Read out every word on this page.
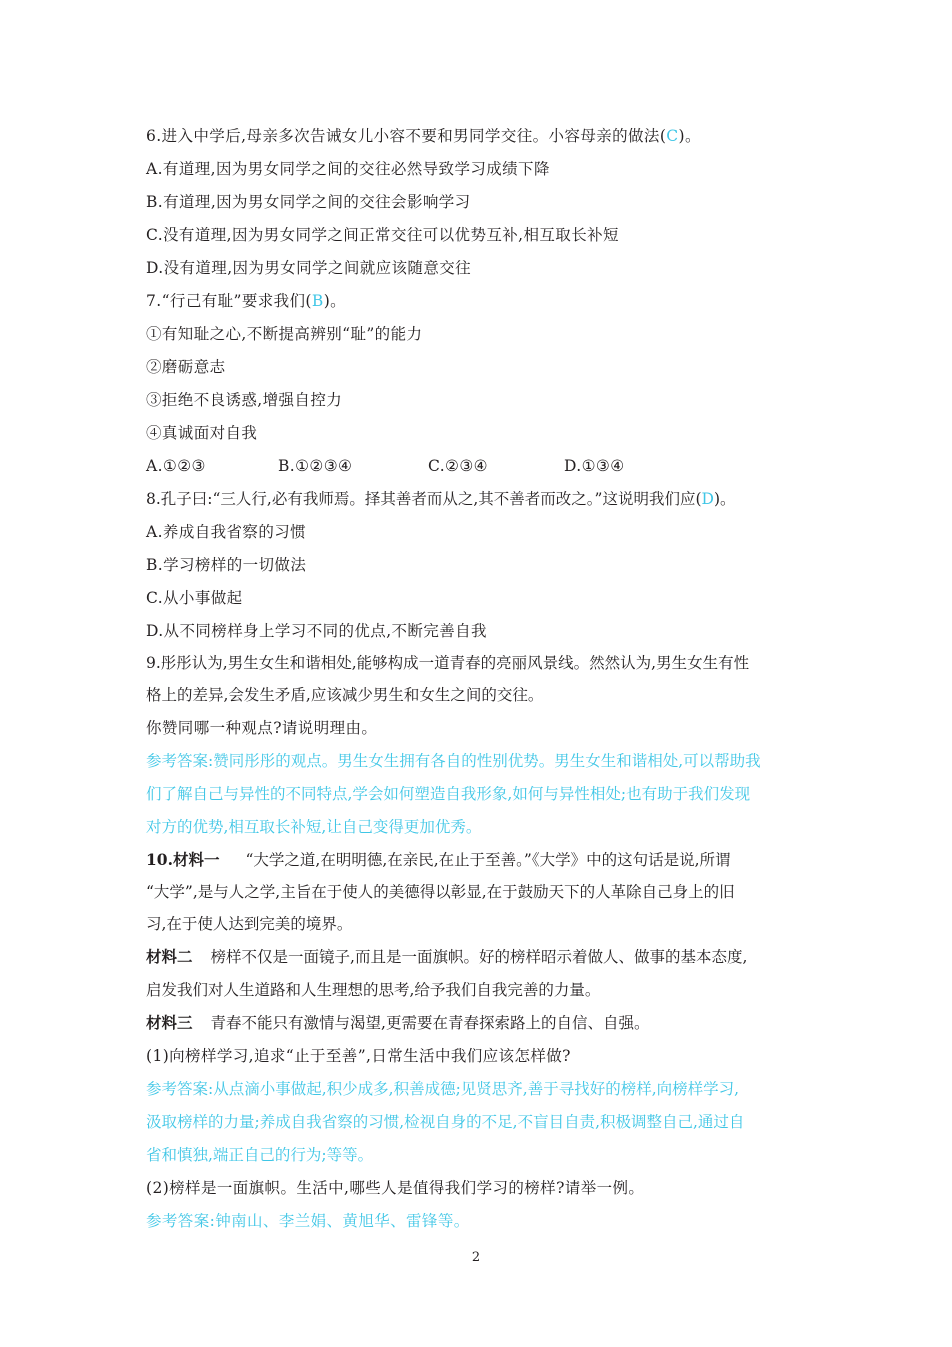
6.进入中学后,母亲多次告诫女儿小容不要和男同学交往。小容母亲的做法(C)。
A.有道理,因为男女同学之间的交往必然导致学习成绩下降
B.有道理,因为男女同学之间的交往会影响学习
C.没有道理,因为男女同学之间正常交往可以优势互补,相互取长补短
D.没有道理,因为男女同学之间就应该随意交往
7.“行己有耻”要求我们(B)。
①有知耻之心,不断提高辨别“耻”的能力
②磨砺意志
③拒绝不良诱惑,增强自控力
④真诚面对自我
A.①②③	B.①②③④	C.②③④	D.①③④
8.孔子曰:“三人行,必有我师焉。择其善者而从之,其不善者而改之。”这说明我们应(D)。
A.养成自我省察的习惯
B.学习榜样的一切做法
C.从小事做起
D.从不同榜样身上学习不同的优点,不断完善自我
9.彤彤认为,男生女生和谐相处,能够构成一道青春的亮丽风景线。然然认为,男生女生有性
格上的差异,会发生矛盾,应该减少男生和女生之间的交往。
你赞同哪一种观点?请说明理由。
参考答案:赞同彤彤的观点。男生女生拥有各自的性别优势。男生女生和谐相处,可以帮助我
们了解自己与异性的不同特点,学会如何塑造自我形象,如何与异性相处;也有助于我们发现
对方的优势,相互取长补短,让自己变得更加优秀。
10.材料一 “大学之道,在明明德,在亲民,在止于至善。”《大学》中的这句话是说,所谓
“大学”,是与人之学,主旨在于使人的美德得以彰显,在于鼓励天下的人革除自己身上的旧
习,在于使人达到完美的境界。
材料二 榜样不仅是一面镜子,而且是一面旗帜。好的榜样昭示着做人、做事的基本态度,
启发我们对人生道路和人生理想的思考,给予我们自我完善的力量。
材料三 青春不能只有激情与渴望,更需要在青春探索路上的自信、自强。
(1)向榜样学习,追求“止于至善”,日常生活中我们应该怎样做?
参考答案:从点滴小事做起,积少成多,积善成德;见贤思齐,善于寻找好的榜样,向榜样学习,
汲取榜样的力量;养成自我省察的习惯,检视自身的不足,不盲目自责,积极调整自己,通过自
省和慎独,端正自己的行为;等等。
(2)榜样是一面旗帜。生活中,哪些人是值得我们学习的榜样?请举一例。
参考答案:钟南山、李兰娟、黄旭华、雷锋等。
2
